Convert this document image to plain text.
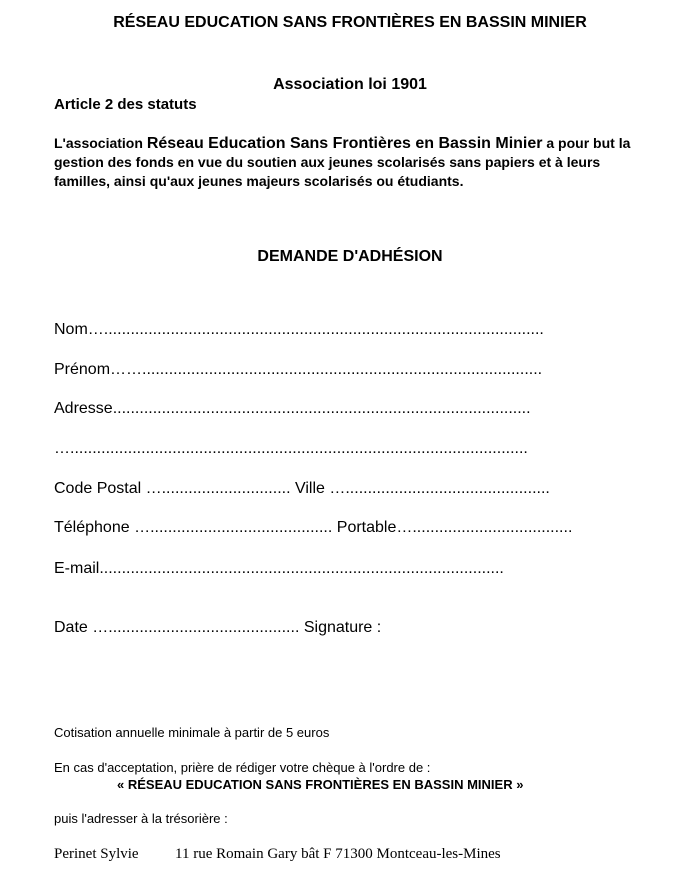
RÉSEAU EDUCATION SANS FRONTIÈRES EN BASSIN MINIER
Association loi 1901
Article 2 des statuts
L'association Réseau Education Sans Frontières en Bassin Minier a pour but la gestion des fonds en vue du soutien aux jeunes scolarisés sans papiers et à leurs familles, ainsi qu'aux jeunes majeurs scolarisés ou étudiants.
DEMANDE D'ADHÉSION
Nom…...................................................................................................
Prénom……..........................................................................................
Adresse..............................................................................................
….......................................................................................................
Code Postal …............................. Ville …..............................................
Téléphone …......................................... Portable…....................................
E-mail...........................................................................................
Date …........................................... Signature :
Cotisation annuelle minimale à partir de 5 euros
En cas d'acceptation, prière de rédiger votre chèque à l'ordre de :
« RÉSEAU EDUCATION SANS FRONTIÈRES EN BASSIN MINIER »
puis l'adresser à la trésorière :
Perinet Sylvie 11 rue Romain Gary bât F 71300 Montceau-les-Mines
